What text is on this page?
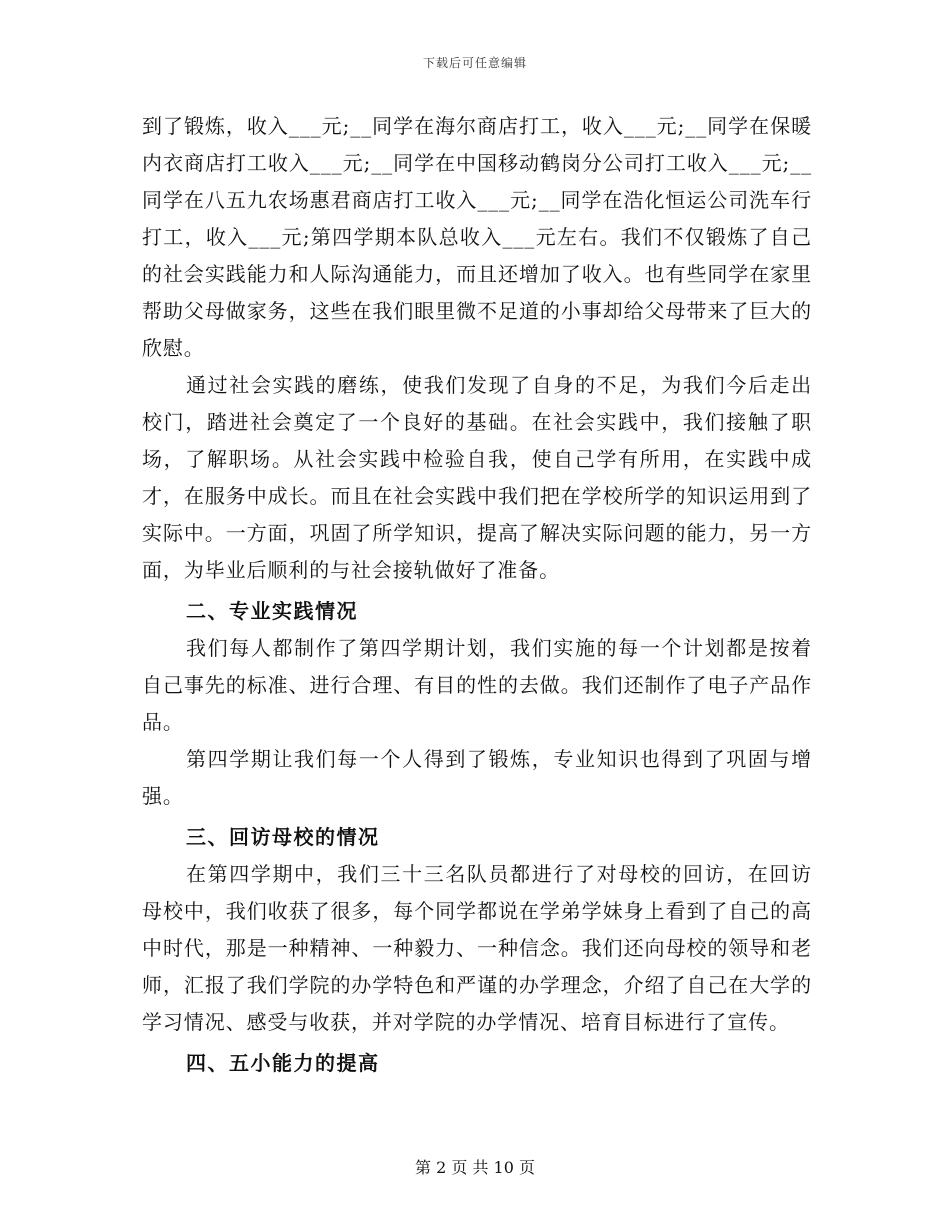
下载后可任意编辑

到了锻炼，收入___元;__同学在海尔商店打工，收入___元;__同学在保暖内衣商店打工收入___元;__同学在中国移动鹤岗分公司打工收入___元;__同学在八五九农场惠君商店打工收入___元;__同学在浩化恒运公司洗车行打工，收入___元;第四学期本队总收入___元左右。我们不仅锻炼了自己的社会实践能力和人际沟通能力，而且还增加了收入。也有些同学在家里帮助父母做家务，这些在我们眼里微不足道的小事却给父母带来了巨大的欣慰。

通过社会实践的磨练，使我们发现了自身的不足，为我们今后走出校门，踏进社会奠定了一个良好的基础。在社会实践中，我们接触了职场，了解职场。从社会实践中检验自我，使自己学有所用，在实践中成才，在服务中成长。而且在社会实践中我们把在学校所学的知识运用到了实际中。一方面，巩固了所学知识，提高了解决实际问题的能力，另一方面，为毕业后顺利的与社会接轨做好了准备。

二、专业实践情况

我们每人都制作了第四学期计划，我们实施的每一个计划都是按着自己事先的标准、进行合理、有目的性的去做。我们还制作了电子产品作品。

第四学期让我们每一个人得到了锻炼，专业知识也得到了巩固与增强。

三、回访母校的情况

在第四学期中，我们三十三名队员都进行了对母校的回访，在回访母校中，我们收获了很多，每个同学都说在学弟学妹身上看到了自己的高中时代，那是一种精神、一种毅力、一种信念。我们还向母校的领导和老师，汇报了我们学院的办学特色和严谨的办学理念，介绍了自己在大学的学习情况、感受与收获，并对学院的办学情况、培育目标进行了宣传。

四、五小能力的提高

第 2 页 共 10 页
